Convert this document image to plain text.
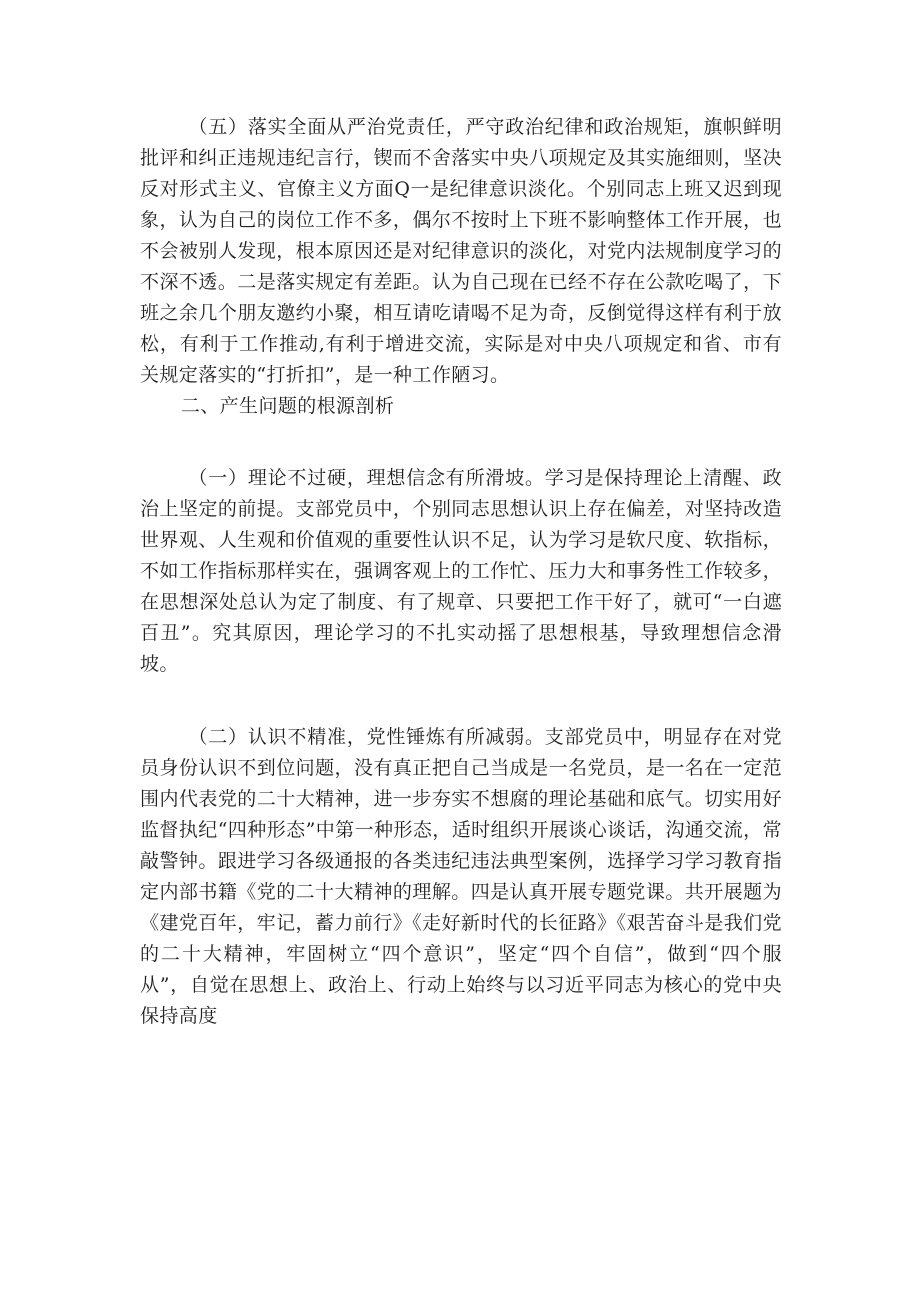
（五）落实全面从严治党责任，严守政治纪律和政治规矩，旗帜鲜明批评和纠正违规违纪言行，锲而不舍落实中央八项规定及其实施细则，坚决反对形式主义、官僚主义方面Q一是纪律意识淡化。个别同志上班又迟到现象，认为自己的岗位工作不多，偶尔不按时上下班不影响整体工作开展，也不会被别人发现，根本原因还是对纪律意识的淡化，对党内法规制度学习的不深不透。二是落实规定有差距。认为自己现在已经不存在公款吃喝了，下班之余几个朋友邀约小聚，相互请吃请喝不足为奇，反倒觉得这样有利于放松，有利于工作推动,有利于增进交流，实际是对中央八项规定和省、市有关规定落实的“打折扣”，是一种工作陋习。

二、产生问题的根源剖析

（一）理论不过硬，理想信念有所滑坡。学习是保持理论上清醒、政治上坚定的前提。支部党员中，个别同志思想认识上存在偏差，对坚持改造世界观、人生观和价值观的重要性认识不足，认为学习是软尺度、软指标，不如工作指标那样实在，强调客观上的工作忙、压力大和事务性工作较多，在思想深处总认为定了制度、有了规章、只要把工作干好了，就可“一白遮百丑”。究其原因，理论学习的不扎实动摇了思想根基，导致理想信念滑坡。

（二）认识不精准，党性锤炼有所减弱。支部党员中，明显存在对党员身份认识不到位问题，没有真正把自己当成是一名党员，是一名在一定范围内代表党的二十大精神，进一步夯实不想腐的理论基础和底气。切实用好监督执纪“四种形态”中第一种形态，适时组织开展谈心谈话，沟通交流，常敲警钟。跟进学习各级通报的各类违纪违法典型案例，选择学习学习教育指定内部书籍《党的二十大精神的理解。四是认真开展专题党课。共开展题为《建党百年，牢记，蓄力前行》《走好新时代的长征路》《艰苦奋斗是我们党的二十大精神，牢固树立“四个意识”，坚定“四个自信”，做到“四个服从”，自觉在思想上、政治上、行动上始终与以习近平同志为核心的党中央保持高度
